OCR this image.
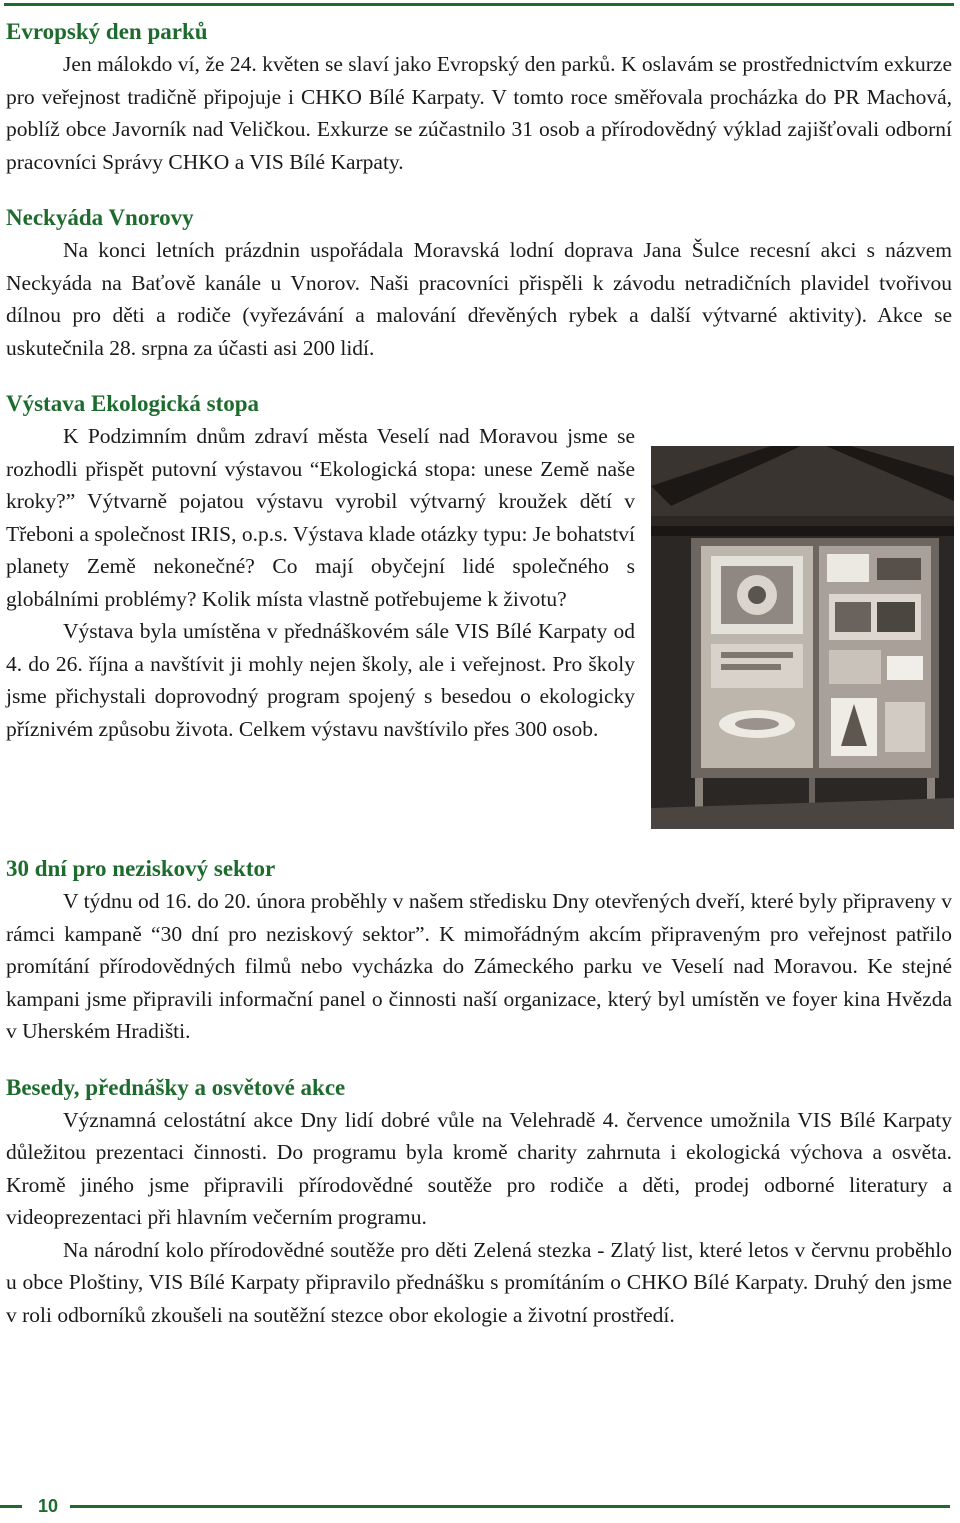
Evropský den parků

Jen málokdo ví, že 24. květen se slaví jako Evropský den parků. K oslavám se prostřednictvím exkurze pro veřejnost tradičně připojuje i CHKO Bílé Karpaty. V tomto roce směřovala procházka do PR Machová, poblíž obce Javorník nad Veličkou. Exkurze se zúčastnilo 31 osob a přírodovědný výklad zajišťovali odborní pracovníci Správy CHKO a VIS Bílé Karpaty.

Neckyáda Vnorovy

Na konci letních prázdnin uspořádala Moravská lodní doprava Jana Šulce recesní akci s názvem Neckyáda na Baťově kanále u Vnorov. Naši pracovníci přispěli k závodu netradičních plavidel tvořivou dílnou pro děti a rodiče (vyřezávání a malování dřevěných rybek a další výtvarné aktivity). Akce se uskutečnila 28. srpna za účasti asi 200 lidí.

Výstava Ekologická stopa

K Podzimním dnům zdraví města Veselí nad Moravou jsme se rozhodli přispět putovní výstavou “Ekologická stopa: unese Země naše kroky?” Výtvarně pojatou výstavu vyrobil výtvarný kroužek dětí v Třeboni a společnost IRIS, o.p.s. Výstava klade otázky typu: Je bohatství planety Země nekonečné? Co mají obyčejní lidé společného s globálními problémy? Kolik místa vlastně potřebujeme k životu?

Výstava byla umístěna v přednáškovém sále VIS Bílé Karpaty od 4. do 26. října a navštívit ji mohly nejen školy, ale i veřejnost. Pro školy jsme přichystali doprovodný program spojený s besedou o ekologicky příznivém způsobu života. Celkem výstavu navštívilo přes 300 osob.

30 dní pro neziskový sektor

V týdnu od 16. do 20. února proběhly v našem středisku Dny otevřených dveří, které byly připraveny v rámci kampaně “30 dní pro neziskový sektor”. K mimořádným akcím připraveným pro veřejnost patřilo promítání přírodovědných filmů nebo vycházka do Zámeckého parku ve Veselí nad Moravou. Ke stejné kampani jsme připravili informační panel o činnosti naší organizace, který byl umístěn ve foyer kina Hvězda v Uherském Hradišti.

Besedy, přednášky a osvětové akce

Významná celostátní akce Dny lidí dobré vůle na Velehradě 4. července umožnila VIS Bílé Karpaty důležitou prezentaci činnosti. Do programu byla kromě charity zahrnuta i ekologická výchova a osvěta. Kromě jiného jsme připravili přírodovědné soutěže pro rodiče a děti, prodej odborné literatury a videoprezentaci při hlavním večerním programu.

Na národní kolo přírodovědné soutěže pro děti Zelená stezka - Zlatý list, které letos v červnu proběhlo u obce Ploštiny, VIS Bílé Karpaty připravilo přednášku s promítáním o CHKO Bílé Karpaty. Druhý den jsme v roli odborníků zkoušeli na soutěžní stezce obor ekologie a životní prostředí.

10
